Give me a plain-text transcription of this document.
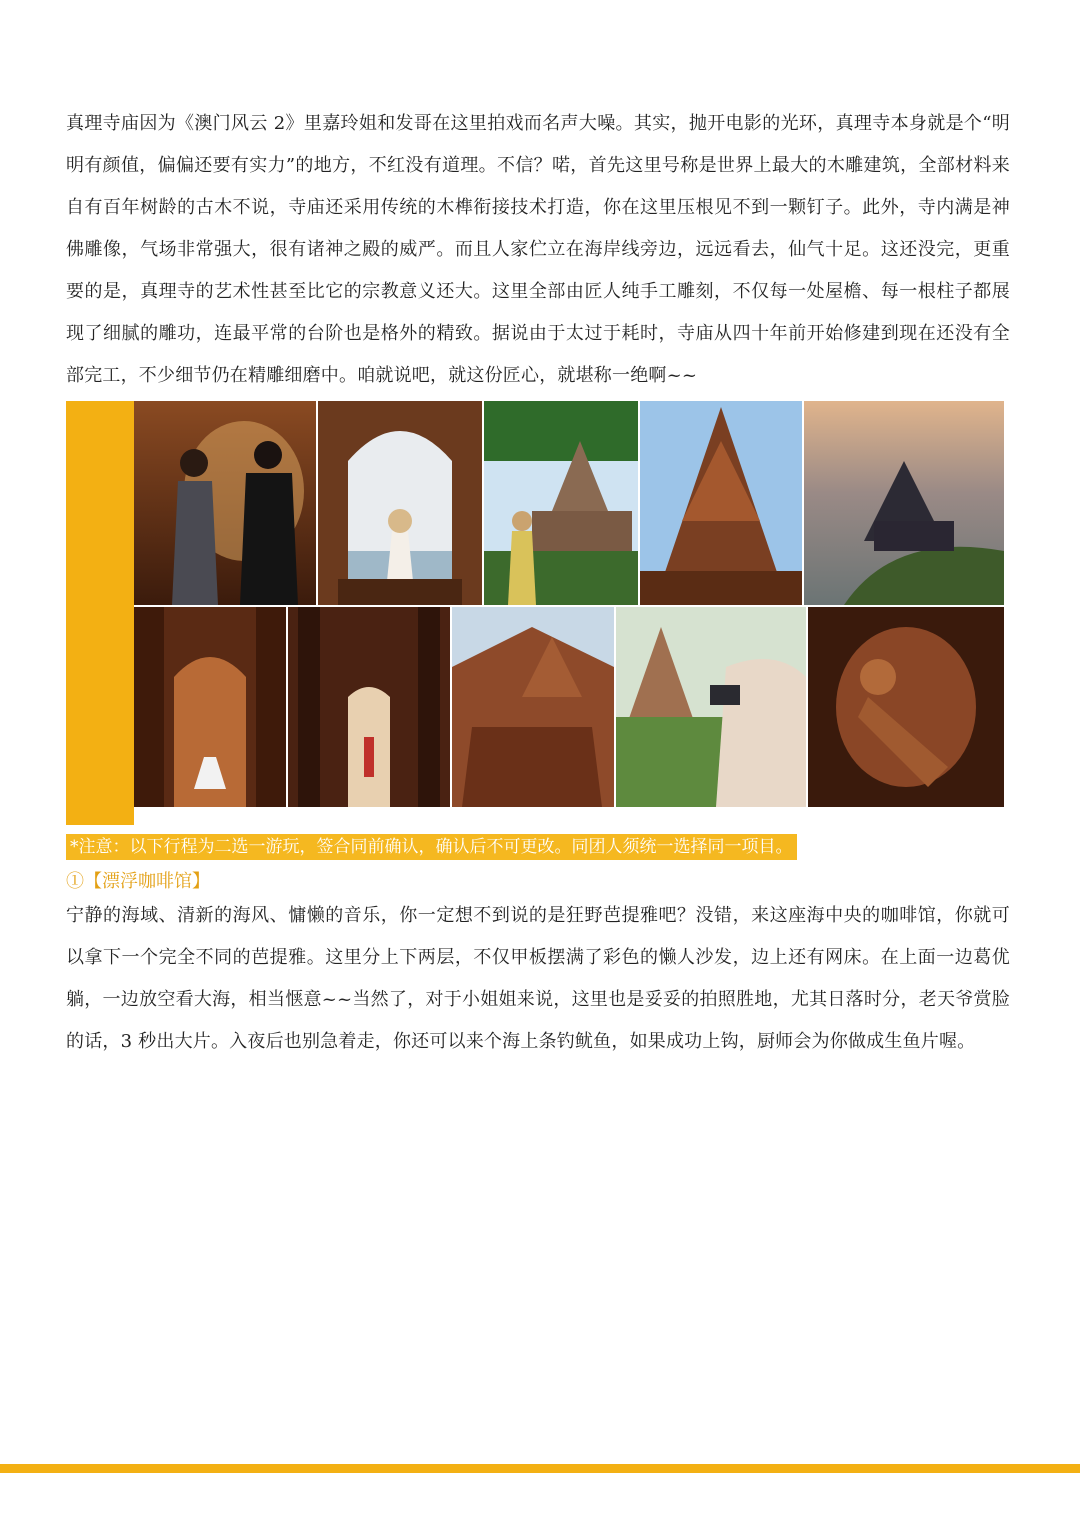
真理寺庙因为《澳门风云 2》里嘉玲姐和发哥在这里拍戏而名声大噪。其实，抛开电影的光环，真理寺本身就是个“明明有颜值，偏偏还要有实力”的地方，不红没有道理。不信？喏，首先这里号称是世界上最大的木雕建筑，全部材料来自有百年树龄的古木不说，寺庙还采用传统的木榫衔接技术打造，你在这里压根见不到一颗钉子。此外，寺内满是神佛雕像，气场非常强大，很有诸神之殿的威严。而且人家伫立在海岸线旁边，远远看去，仙气十足。这还没完，更重要的是，真理寺的艺术性甚至比它的宗教意义还大。这里全部由匠人纯手工雕刻，不仅每一处屋檐、每一根柱子都展现了细腻的雕功，连最平常的台阶也是格外的精致。据说由于太过于耗时，寺庙从四十年前开始修建到现在还没有全部完工，不少细节仍在精雕细磨中。咱就说吧，就这份匠心，就堪称一绝啊~~

*注意：以下行程为二选一游玩，签合同前确认，确认后不可更改。同团人须统一选择同一项目。
①【漂浮咖啡馆】

宁静的海域、清新的海风、慵懒的音乐，你一定想不到说的是狂野芭提雅吧？没错，来这座海中央的咖啡馆，你就可以拿下一个完全不同的芭提雅。这里分上下两层，不仅甲板摆满了彩色的懒人沙发，边上还有网床。在上面一边葛优躺，一边放空看大海，相当惬意~~当然了，对于小姐姐来说，这里也是妥妥的拍照胜地，尤其日落时分，老天爷赏脸的话，3 秒出大片。入夜后也别急着走，你还可以来个海上条钓鱿鱼，如果成功上钩，厨师会为你做成生鱼片喔。
